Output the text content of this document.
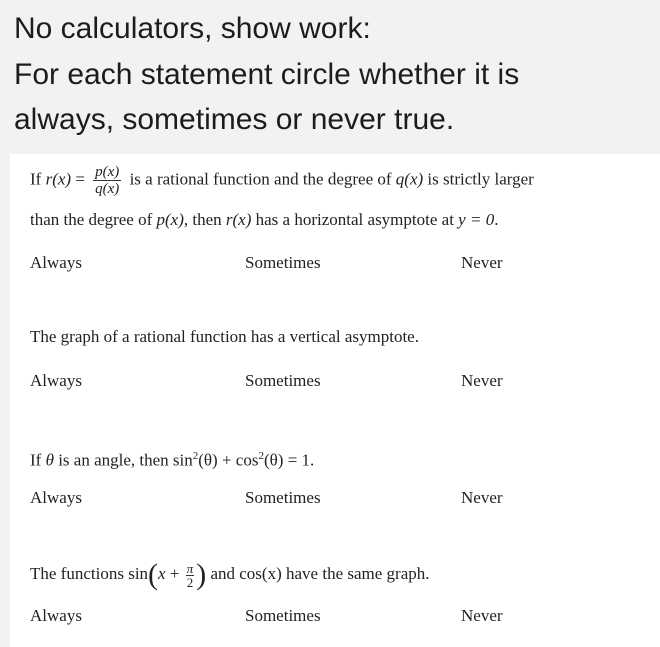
No calculators, show work:
For each statement circle whether it is
always, sometimes or never true.
If $r(x) = \frac{p(x)}{q(x)}$ is a rational function and the degree of q(x) is strictly larger
than the degree of p(x), then r(x) has a horizontal asymptote at y = 0.
Always	Sometimes	Never
The graph of a rational function has a vertical asymptote.
Always	Sometimes	Never
If θ is an angle, then $\sin^2(\theta) + \cos^2(\theta) = 1$.
Always	Sometimes	Never
The functions $\sin(x + \frac{\pi}{2}$ ) and cos(x) have the same graph.
Always	Sometimes	Never
